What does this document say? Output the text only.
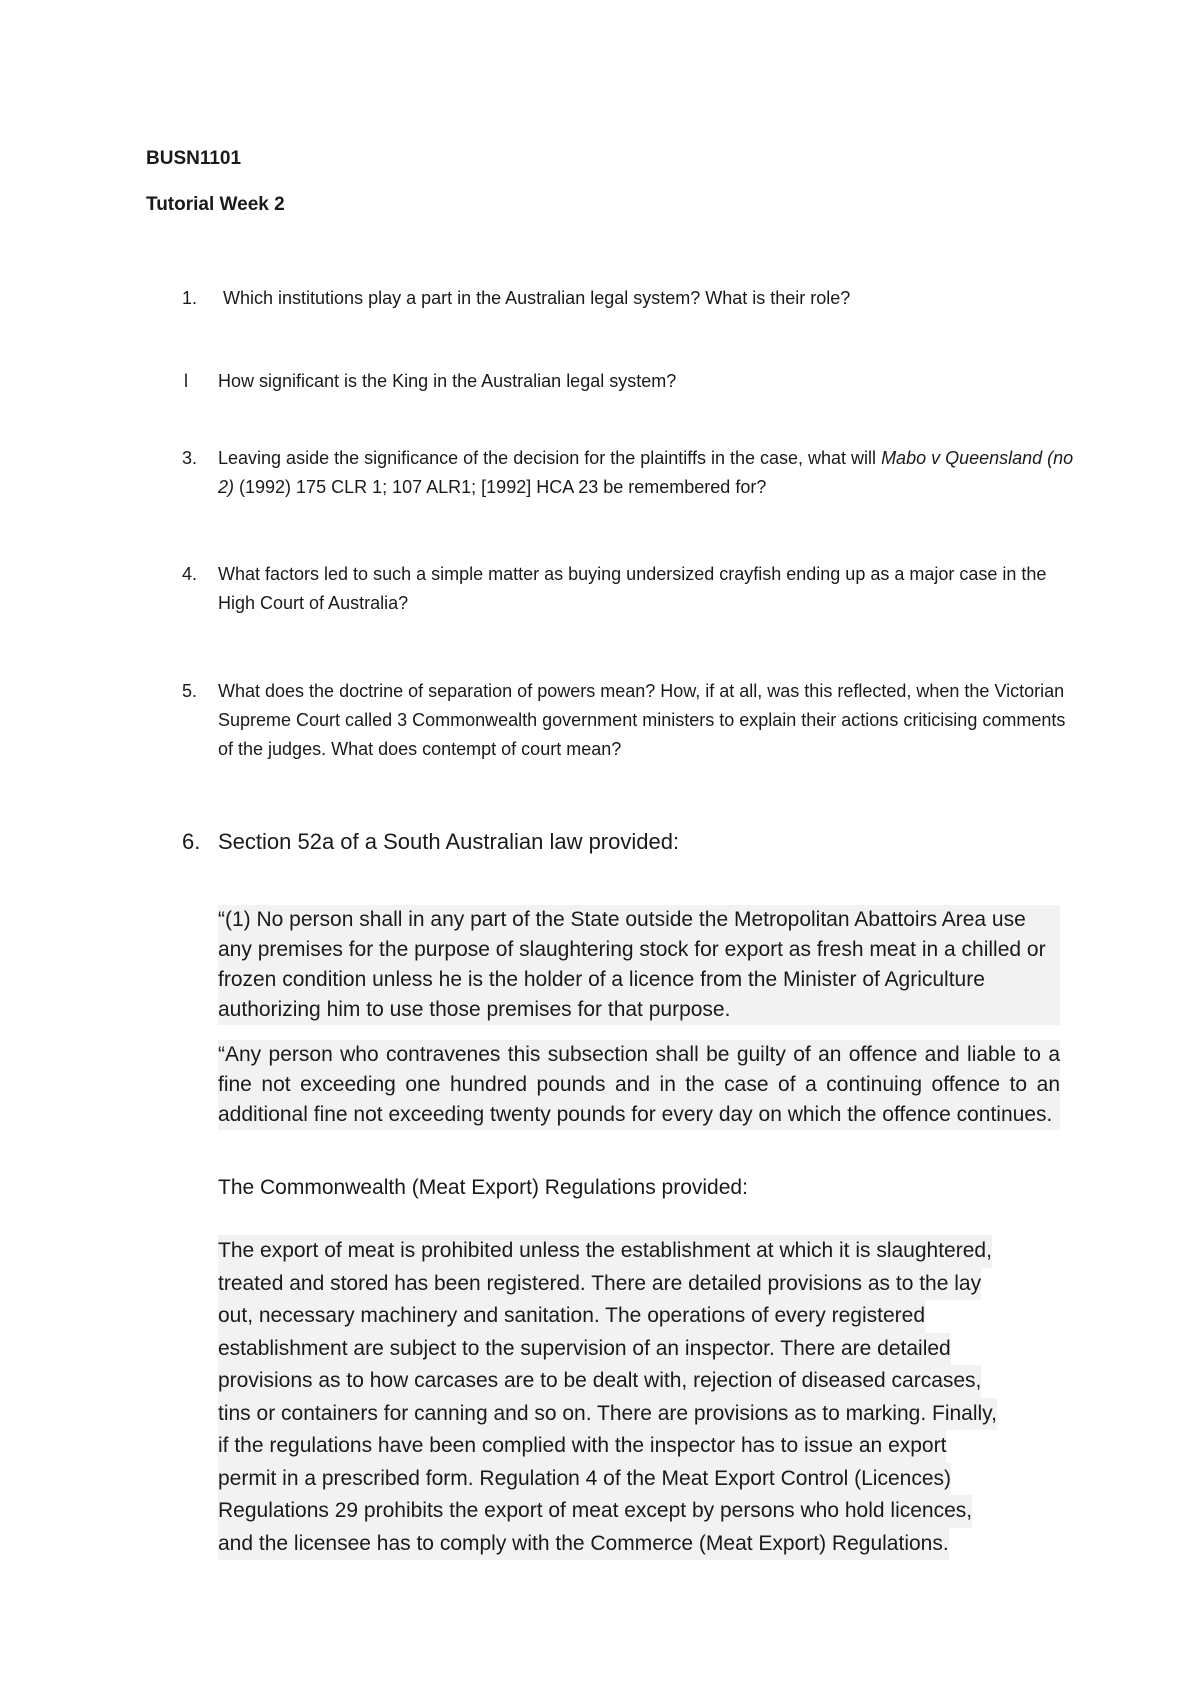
BUSN1101
Tutorial Week 2
1.	Which institutions play a part in the Australian legal system? What is their role?
l	How significant is the King in the Australian legal system?
3.	Leaving aside the significance of the decision for the plaintiffs in the case, what will Mabo v Queensland (no 2) (1992) 175 CLR 1; 107 ALR1; [1992] HCA 23 be remembered for?
4.	What factors led to such a simple matter as buying undersized crayfish ending up as a major case in the High Court of Australia?
5.	What does the doctrine of separation of powers mean? How, if at all, was this reflected, when the Victorian Supreme Court called 3 Commonwealth government ministers to explain their actions criticising comments of the judges. What does contempt of court mean?
6. Section 52a of a South Australian law provided:
“(1) No person shall in any part of the State outside the Metropolitan Abattoirs Area use any premises for the purpose of slaughtering stock for export as fresh meat in a chilled or frozen condition unless he is the holder of a licence from the Minister of Agriculture authorizing him to use those premises for that purpose.
“Any person who contravenes this subsection shall be guilty of an offence and liable to a fine not exceeding one hundred pounds and in the case of a continuing offence to an additional fine not exceeding twenty pounds for every day on which the offence continues.
The Commonwealth (Meat Export) Regulations provided:
The export of meat is prohibited unless the establishment at which it is slaughtered,
treated and stored has been registered. There are detailed provisions as to the lay
out, necessary machinery and sanitation. The operations of every registered
establishment are subject to the supervision of an inspector. There are detailed
provisions as to how carcases are to be dealt with, rejection of diseased carcases,
tins or containers for canning and so on. There are provisions as to marking. Finally,
if the regulations have been complied with the inspector has to issue an export
permit in a prescribed form. Regulation 4 of the Meat Export Control (Licences)
Regulations 29 prohibits the export of meat except by persons who hold licences,
and the licensee has to comply with the Commerce (Meat Export) Regulations.
